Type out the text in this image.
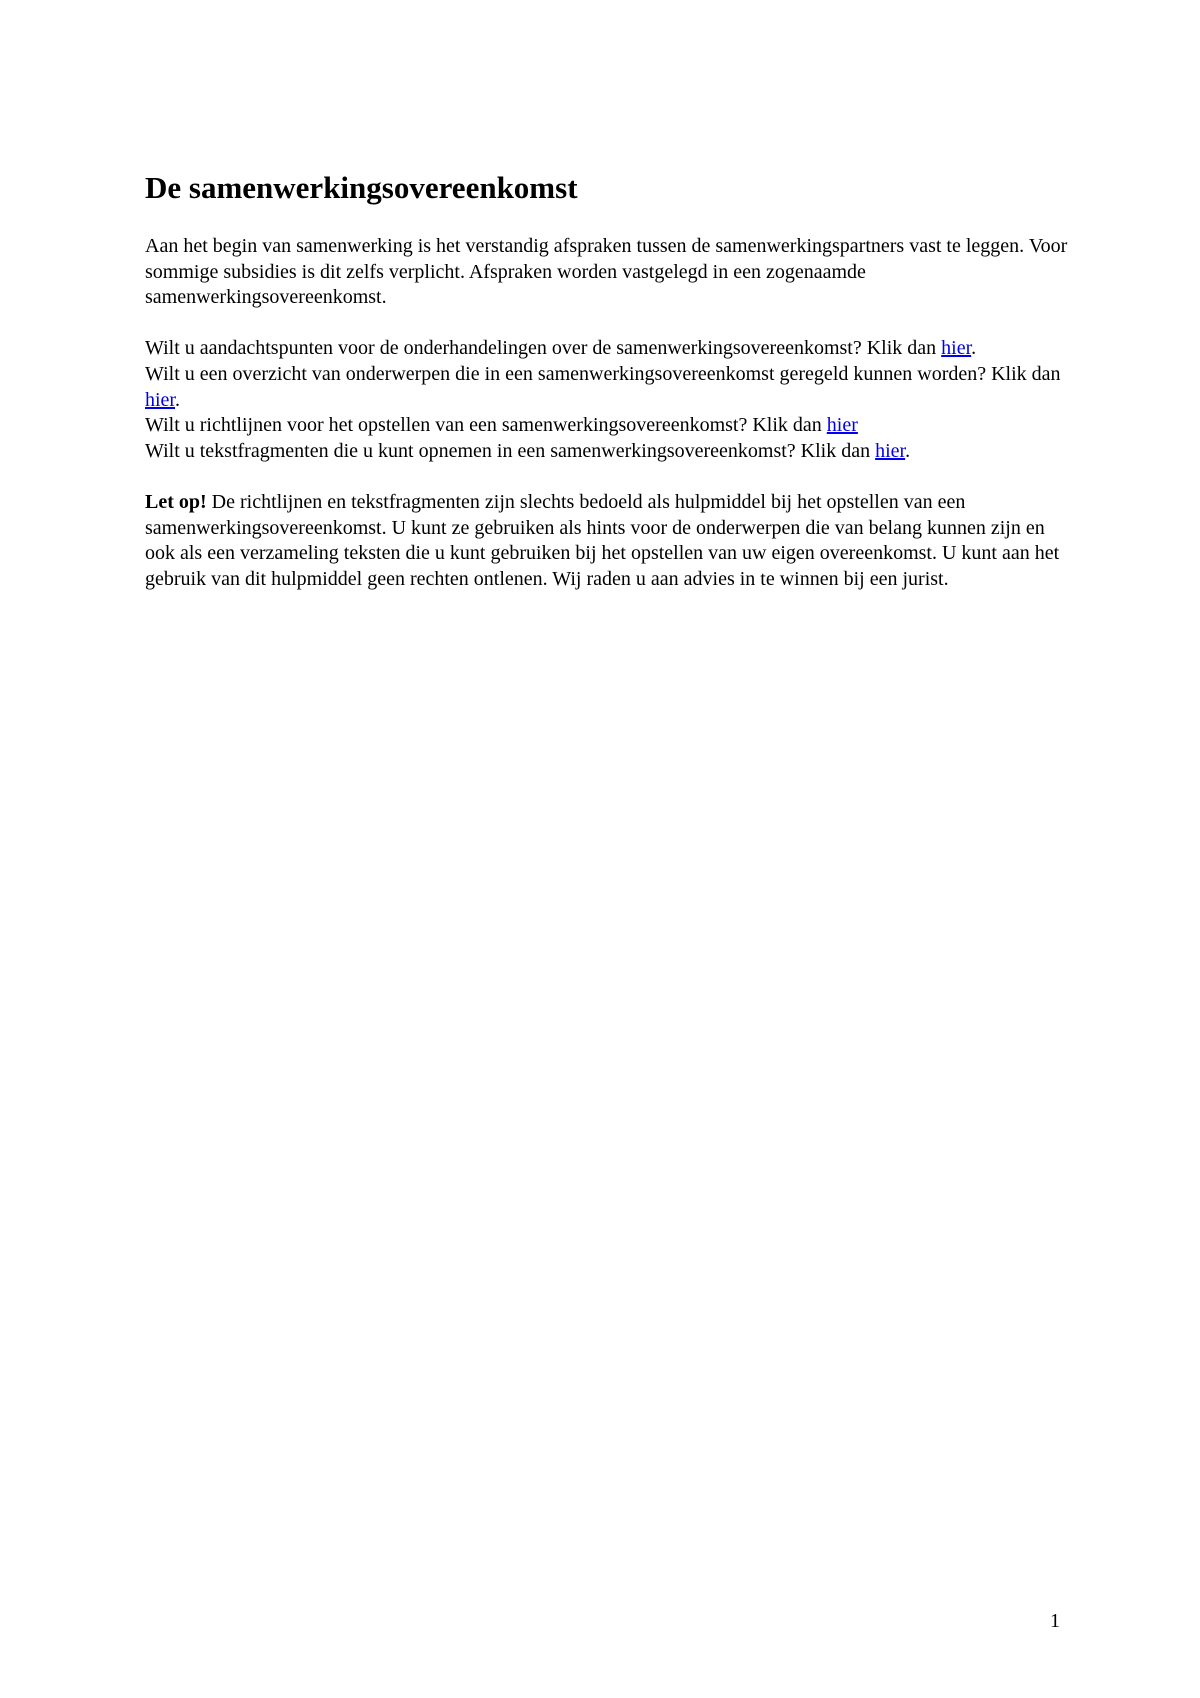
De samenwerkingsovereenkomst

Aan het begin van samenwerking is het verstandig afspraken tussen de samenwerkingspartners vast te leggen. Voor sommige subsidies is dit zelfs verplicht. Afspraken worden vastgelegd in een zogenaamde samenwerkingsovereenkomst.

Wilt u aandachtspunten voor de onderhandelingen over de samenwerkingsovereenkomst? Klik dan hier.

Wilt u een overzicht van onderwerpen die in een samenwerkingsovereenkomst geregeld kunnen worden? Klik dan hier.

Wilt u richtlijnen voor het opstellen van een samenwerkingsovereenkomst? Klik dan hier

Wilt u tekstfragmenten die u kunt opnemen in een samenwerkingsovereenkomst? Klik dan hier.

Let op! De richtlijnen en tekstfragmenten zijn slechts bedoeld als hulpmiddel bij het opstellen van een samenwerkingsovereenkomst. U kunt ze gebruiken als hints voor de onderwerpen die van belang kunnen zijn en ook als een verzameling teksten die u kunt gebruiken bij het opstellen van uw eigen overeenkomst. U kunt aan het gebruik van dit hulpmiddel geen rechten ontlenen. Wij raden u aan advies in te winnen bij een jurist.

1
